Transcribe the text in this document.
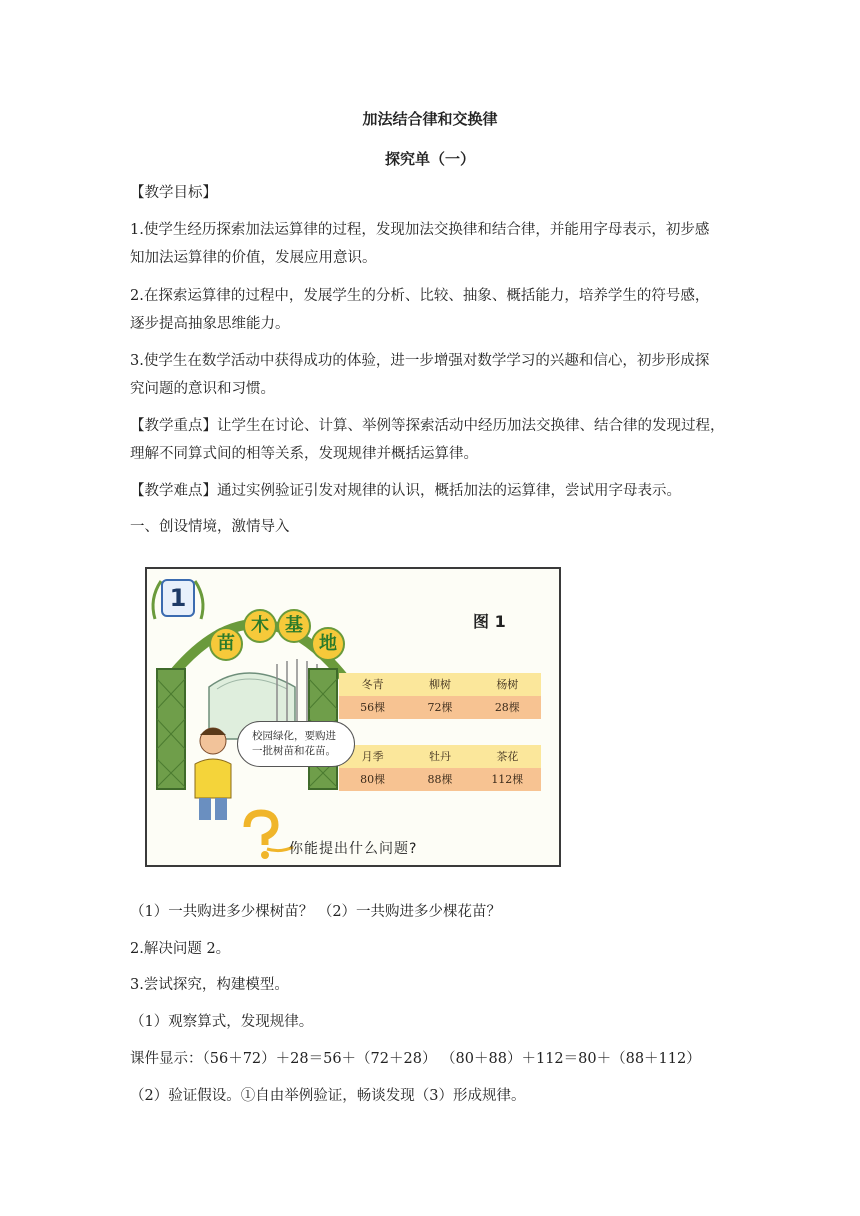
加法结合律和交换律
探究单（一）
【教学目标】
1.使学生经历探索加法运算律的过程，发现加法交换律和结合律，并能用字母表示，初步感
知加法运算律的价值，发展应用意识。
2.在探索运算律的过程中，发展学生的分析、比较、抽象、概括能力，培养学生的符号感，
逐步提高抽象思维能力。
3.使学生在数学活动中获得成功的体验，进一步增强对数学学习的兴趣和信心，初步形成探
究问题的意识和习惯。
【教学重点】让学生在讨论、计算、举例等探索活动中经历加法交换律、结合律的发现过程，
理解不同算式间的相等关系，发现规律并概括运算律。
【教学难点】通过实例验证引发对规律的认识，概括加法的运算律，尝试用字母表示。
一、创设情境，激情导入
1
图 1
苗
木 基
地
冬青	柳树	杨树
56棵	72棵	28棵
月季	牡丹	茶花
80棵	88棵	112棵
校园绿化，要购进
一批树苗和花苗。
你能提出什么问题?
（1）一共购进多少棵树苗？ （2）一共购进多少棵花苗？
2.解决问题 2。
3.尝试探究，构建模型。
（1）观察算式，发现规律。
课件显示：（56＋72）＋28＝56＋（72＋28） （80＋88）＋112＝80＋（88＋112）
（2）验证假设。①自由举例验证，畅谈发现（3）形成规律。
